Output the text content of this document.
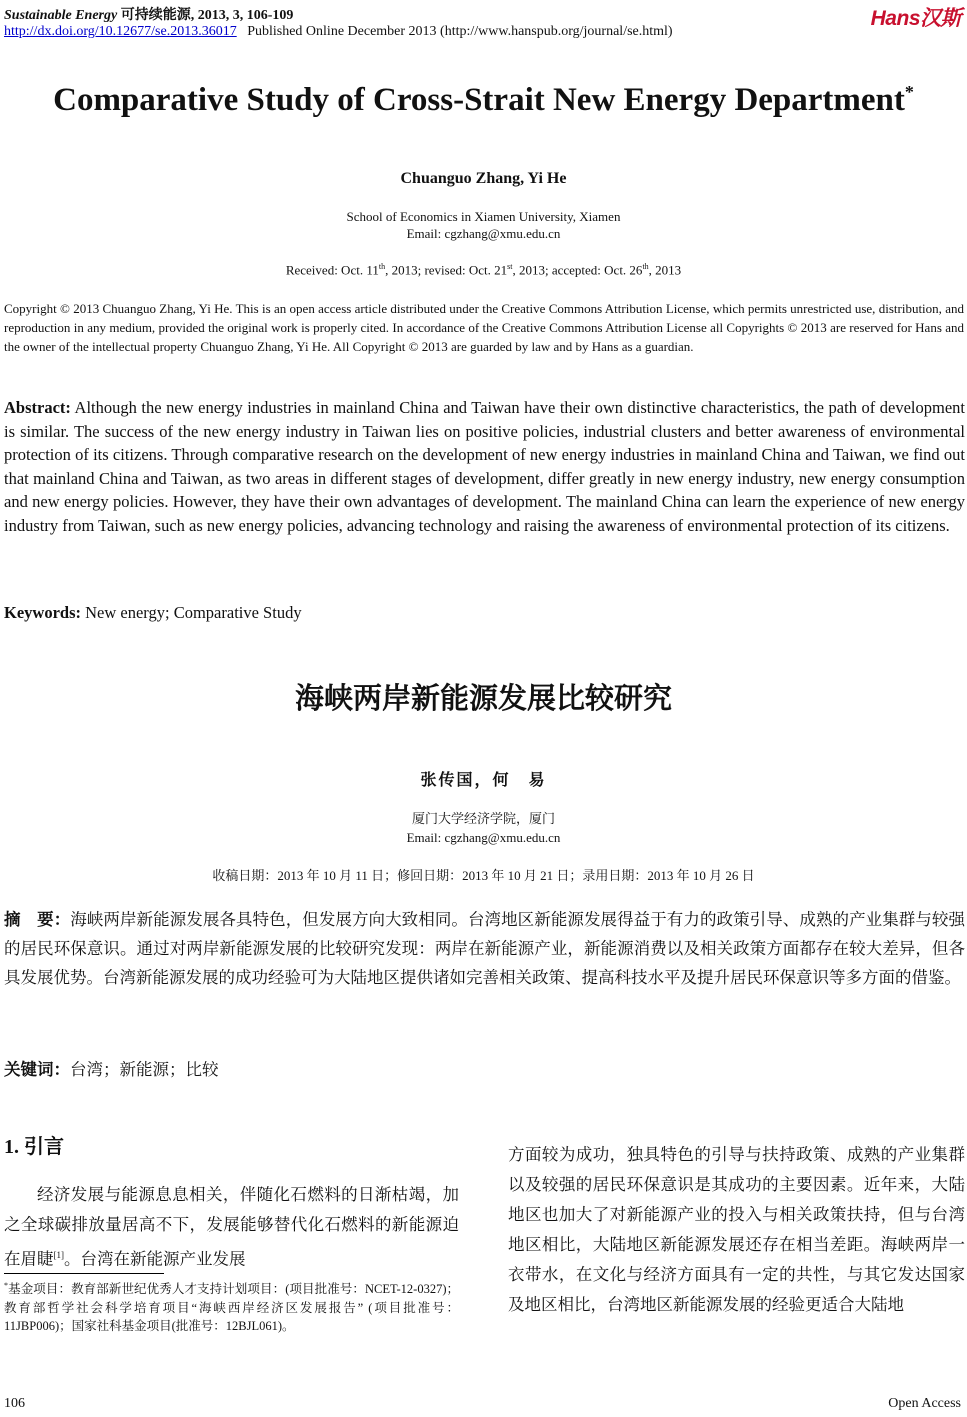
Sustainable Energy 可持续能源, 2013, 3, 106-109	Hans汉斯
http://dx.doi.org/10.12677/se.2013.36017 Published Online December 2013 (http://www.hanspub.org/journal/se.html)
Comparative Study of Cross-Strait New Energy Department*
Chuanguo Zhang, Yi He
School of Economics in Xiamen University, Xiamen
Email: cgzhang@xmu.edu.cn
Received: Oct. 11th, 2013; revised: Oct. 21st, 2013; accepted: Oct. 26th, 2013
Copyright © 2013 Chuanguo Zhang, Yi He. This is an open access article distributed under the Creative Commons Attribution License, which permits unrestricted use, distribution, and reproduction in any medium, provided the original work is properly cited. In accordance of the Creative Commons Attribution License all Copyrights © 2013 are reserved for Hans and the owner of the intellectual property Chuanguo Zhang, Yi He. All Copyright © 2013 are guarded by law and by Hans as a guardian.
Abstract: Although the new energy industries in mainland China and Taiwan have their own distinctive characteristics, the path of development is similar. The success of the new energy industry in Taiwan lies on positive policies, industrial clusters and better awareness of environmental protection of its citizens. Through comparative research on the development of new energy industries in mainland China and Taiwan, we find out that mainland China and Taiwan, as two areas in different stages of development, differ greatly in new energy industry, new energy consumption and new energy policies. However, they have their own advantages of development. The mainland China can learn the experience of new energy industry from Taiwan, such as new energy policies, advancing technology and raising the awareness of environmental protection of its citizens.
Keywords: New energy; Comparative Study
海峡两岸新能源发展比较研究
张传国，何　易
厦门大学经济学院，厦门
Email: cgzhang@xmu.edu.cn
收稿日期：2013 年 10 月 11 日；修回日期：2013 年 10 月 21 日；录用日期：2013 年 10 月 26 日
摘　要：海峡两岸新能源发展各具特色，但发展方向大致相同。台湾地区新能源发展得益于有力的政策引导、成熟的产业集群与较强的居民环保意识。通过对两岸新能源发展的比较研究发现：两岸在新能源产业，新能源消费以及相关政策方面都存在较大差异，但各具发展优势。台湾新能源发展的成功经验可为大陆地区提供诸如完善相关政策、提高科技水平及提升居民环保意识等多方面的借鉴。
关键词：台湾；新能源；比较
1. 引言
经济发展与能源息息相关，伴随化石燃料的日渐枯竭，加之全球碳排放量居高不下，发展能够替代化石燃料的新能源迫在眉睫[1]。台湾在新能源产业发展
方面较为成功，独具特色的引导与扶持政策、成熟的产业集群以及较强的居民环保意识是其成功的主要因素。近年来，大陆地区也加大了对新能源产业的投入与相关政策扶持，但与台湾地区相比，大陆地区新能源发展还存在相当差距。海峡两岸一衣带水，在文化与经济方面具有一定的共性，与其它发达国家及地区相比，台湾地区新能源发展的经验更适合大陆地
*基金项目：教育部新世纪优秀人才支持计划项目：(项目批准号：NCET-12-0327)；教育部哲学社会科学培育项目“海峡西岸经济区发展报告” (项目批准号：11JBP006)；国家社科基金项目(批准号：12BJL061)。
106	Open Access
